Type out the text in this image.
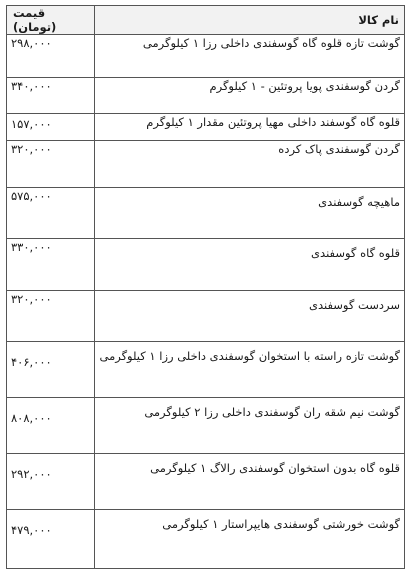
نام کالا	قیمت (تومان)
گوشت تازه قلوه گاه گوسفندی داخلی رزا ۱ کیلوگرمی	۲۹۸,۰۰۰
گردن گوسفندی پویا پروتئین - ۱ کیلوگرم	۳۴۰,۰۰۰
قلوه گاه گوسفند داخلی مهیا پروتئین مقدار ۱ کیلوگرم	۱۵۷,۰۰۰
گردن گوسفندی پاک کرده	۳۲۰,۰۰۰
ماهیچه گوسفندی	۵۷۵,۰۰۰
قلوه گاه گوسفندی	۳۳۰,۰۰۰
سردست گوسفندی	۳۲۰,۰۰۰
گوشت تازه راسته با استخوان گوسفندی داخلی رزا ۱ کیلوگرمی	۴۰۶,۰۰۰
گوشت نیم شقه ران گوسفندی داخلی رزا ۲ کیلوگرمی	۸۰۸,۰۰۰
قلوه گاه بدون استخوان گوسفندی رالاگ ۱ کیلوگرمی	۲۹۲,۰۰۰
گوشت خورشتی گوسفندی هایپراستار ۱ کیلوگرمی	۴۷۹,۰۰۰
